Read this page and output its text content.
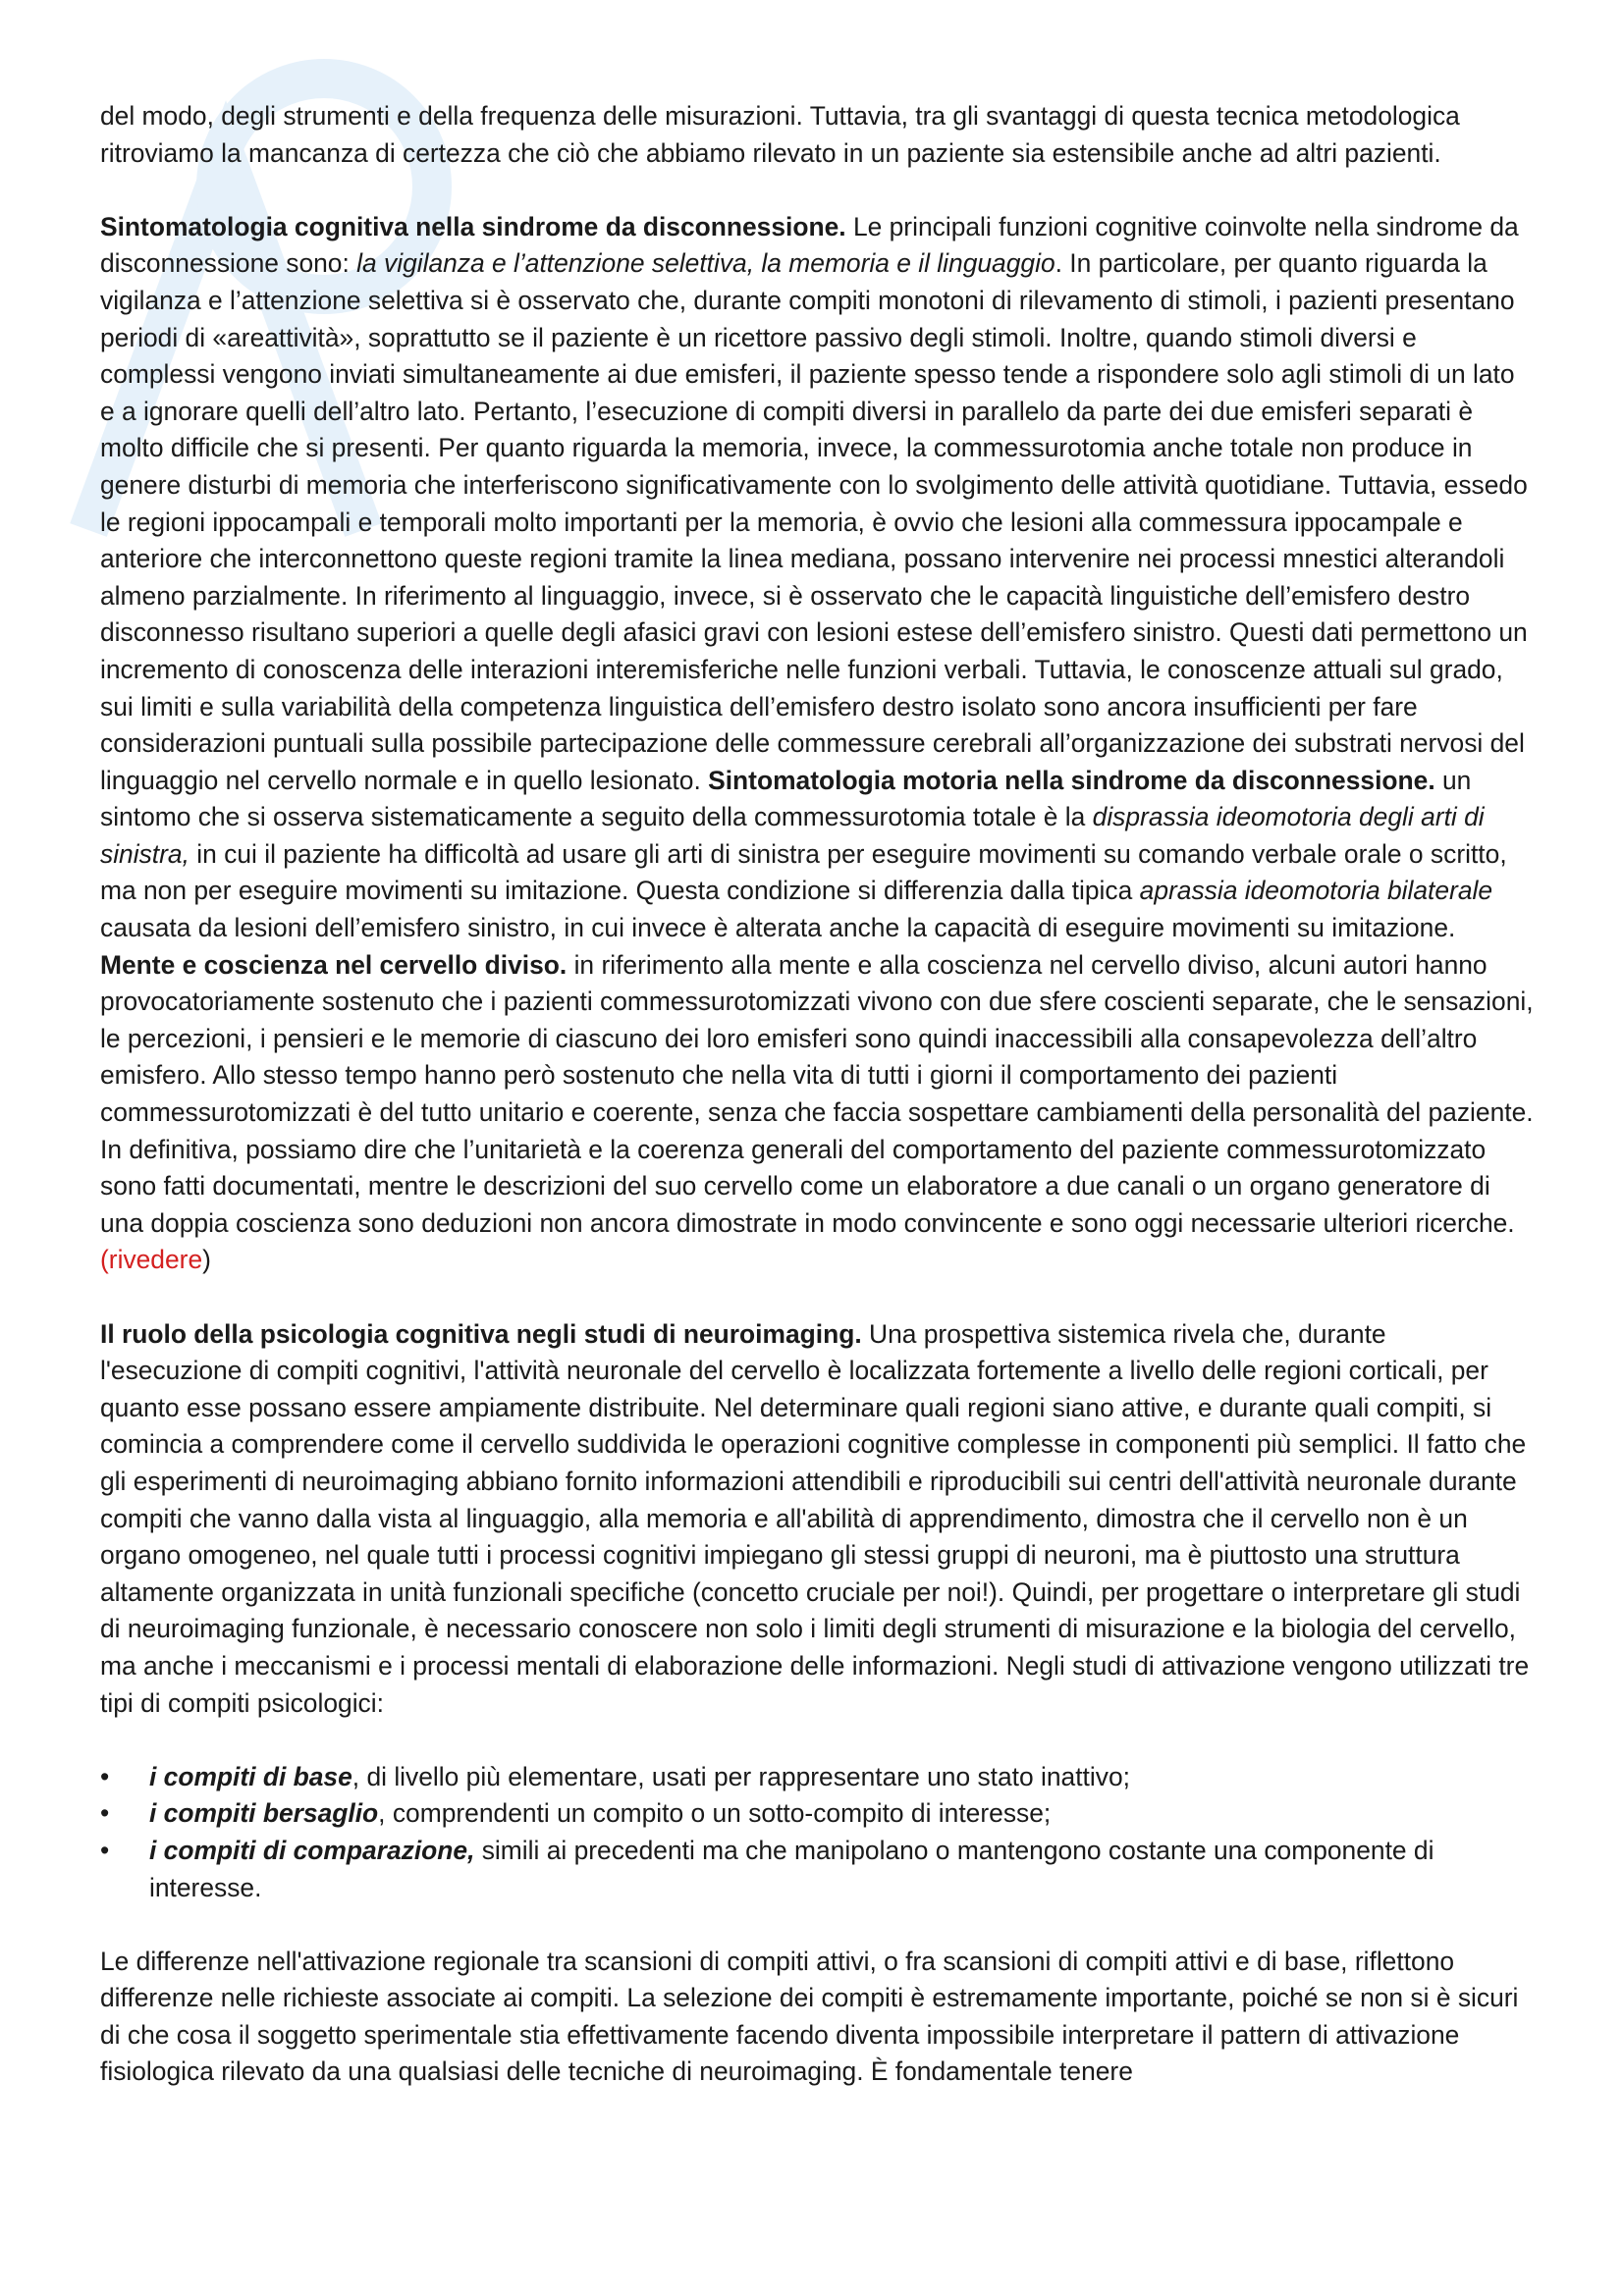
del modo, degli strumenti e della frequenza delle misurazioni. Tuttavia, tra gli svantaggi di questa tecnica metodologica ritroviamo la mancanza di certezza che ciò che abbiamo rilevato in un paziente sia estensibile anche ad altri pazienti.

Sintomatologia cognitiva nella sindrome da disconnessione. Le principali funzioni cognitive coinvolte nella sindrome da disconnessione sono: la vigilanza e l’attenzione selettiva, la memoria e il linguaggio. In particolare, per quanto riguarda la vigilanza e l’attenzione selettiva si è osservato che, durante compiti monotoni di rilevamento di stimoli, i pazienti presentano periodi di «areattività», soprattutto se il paziente è un ricettore passivo degli stimoli. Inoltre, quando stimoli diversi e complessi vengono inviati simultaneamente ai due emisferi, il paziente spesso tende a rispondere solo agli stimoli di un lato e a ignorare quelli dell’altro lato. Pertanto, l’esecuzione di compiti diversi in parallelo da parte dei due emisferi separati è molto difficile che si presenti. Per quanto riguarda la memoria, invece, la commessurotomia anche totale non produce in genere disturbi di memoria che interferiscono significativamente con lo svolgimento delle attività quotidiane. Tuttavia, essedo le regioni ippocampali e temporali molto importanti per la memoria, è ovvio che lesioni alla commessura ippocampale e anteriore che interconnettono queste regioni tramite la linea mediana, possano intervenire nei processi mnestici alterandoli almeno parzialmente. In riferimento al linguaggio, invece, si è osservato che le capacità linguistiche dell’emisfero destro disconnesso risultano superiori a quelle degli afasici gravi con lesioni estese dell’emisfero sinistro. Questi dati permettono un incremento di conoscenza delle interazioni interemisferiche nelle funzioni verbali. Tuttavia, le conoscenze attuali sul grado, sui limiti e sulla variabilità della competenza linguistica dell’emisfero destro isolato sono ancora insufficienti per fare considerazioni puntuali sulla possibile partecipazione delle commessure cerebrali all’organizzazione dei substrati nervosi del linguaggio nel cervello normale e in quello lesionato. Sintomatologia motoria nella sindrome da disconnessione. un sintomo che si osserva sistematicamente a seguito della commessurotomia totale è la disprassia ideomotoria degli arti di sinistra, in cui il paziente ha difficoltà ad usare gli arti di sinistra per eseguire movimenti su comando verbale orale o scritto, ma non per eseguire movimenti su imitazione. Questa condizione si differenzia dalla tipica aprassia ideomotoria bilaterale causata da lesioni dell’emisfero sinistro, in cui invece è alterata anche la capacità di eseguire movimenti su imitazione. Mente e coscienza nel cervello diviso. in riferimento alla mente e alla coscienza nel cervello diviso, alcuni autori hanno provocatoriamente sostenuto che i pazienti commessurotomizzati vivono con due sfere coscienti separate, che le sensazioni, le percezioni, i pensieri e le memorie di ciascuno dei loro emisferi sono quindi inaccessibili alla consapevolezza dell’altro emisfero. Allo stesso tempo hanno però sostenuto che nella vita di tutti i giorni il comportamento dei pazienti commessurotomizzati è del tutto unitario e coerente, senza che faccia sospettare cambiamenti della personalità del paziente. In definitiva, possiamo dire che l’unitarietà e la coerenza generali del comportamento del paziente commessurotomizzato sono fatti documentati, mentre le descrizioni del suo cervello come un elaboratore a due canali o un organo generatore di una doppia coscienza sono deduzioni non ancora dimostrate in modo convincente e sono oggi necessarie ulteriori ricerche. (rivedere)

Il ruolo della psicologia cognitiva negli studi di neuroimaging. Una prospettiva sistemica rivela che, durante l'esecuzione di compiti cognitivi, l'attività neuronale del cervello è localizzata fortemente a livello delle regioni corticali, per quanto esse possano essere ampiamente distribuite. Nel determinare quali regioni siano attive, e durante quali compiti, si comincia a comprendere come il cervello suddivida le operazioni cognitive complesse in componenti più semplici. Il fatto che gli esperimenti di neuroimaging abbiano fornito informazioni attendibili e riproducibili sui centri dell'attività neuronale durante compiti che vanno dalla vista al linguaggio, alla memoria e all'abilità di apprendimento, dimostra che il cervello non è un organo omogeneo, nel quale tutti i processi cognitivi impiegano gli stessi gruppi di neuroni, ma è piuttosto una struttura altamente organizzata in unità funzionali specifiche (concetto cruciale per noi!). Quindi, per progettare o interpretare gli studi di neuroimaging funzionale, è necessario conoscere non solo i limiti degli strumenti di misurazione e la biologia del cervello, ma anche i meccanismi e i processi mentali di elaborazione delle informazioni. Negli studi di attivazione vengono utilizzati tre tipi di compiti psicologici:

• i compiti di base, di livello più elementare, usati per rappresentare uno stato inattivo;
• i compiti bersaglio, comprendenti un compito o un sotto-compito di interesse;
• i compiti di comparazione, simili ai precedenti ma che manipolano o mantengono costante una componente di interesse.

Le differenze nell'attivazione regionale tra scansioni di compiti attivi, o fra scansioni di compiti attivi e di base, riflettono differenze nelle richieste associate ai compiti. La selezione dei compiti è estremamente importante, poiché se non si è sicuri di che cosa il soggetto sperimentale stia effettivamente facendo diventa impossibile interpretare il pattern di attivazione fisiologica rilevato da una qualsiasi delle tecniche di neuroimaging. È fondamentale tenere
